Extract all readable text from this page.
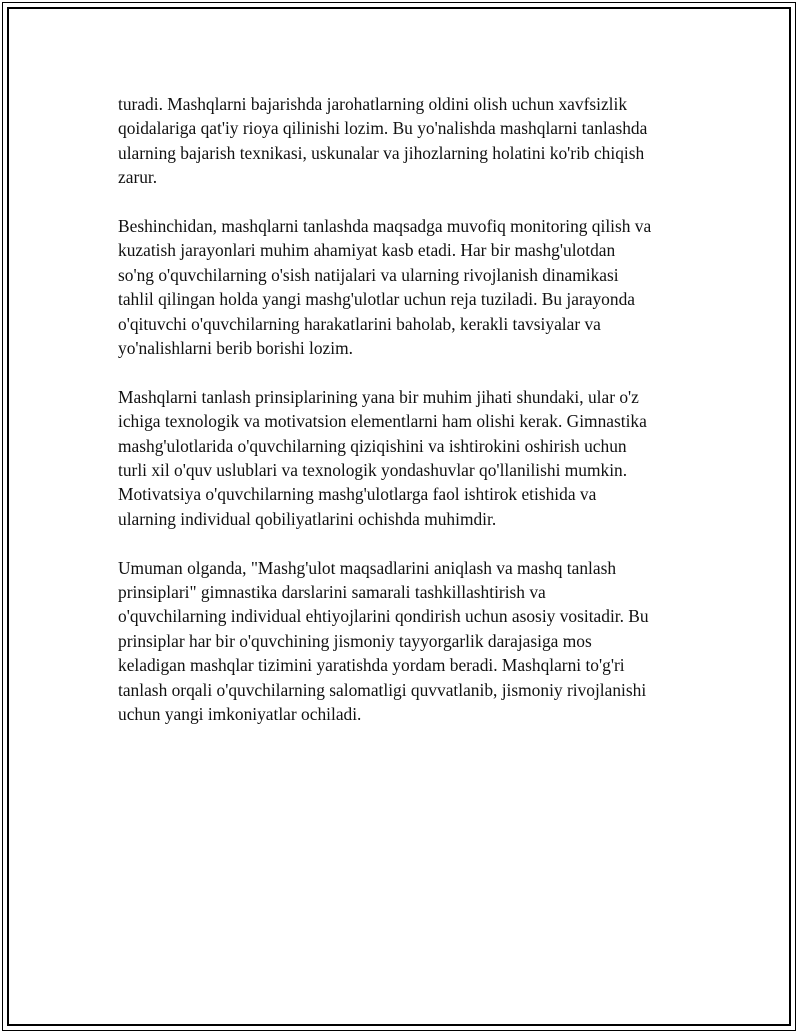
turadi. Mashqlarni bajarishda jarohatlarning oldini olish uchun xavfsizlik
qoidalariga qat'iy rioya qilinishi lozim. Bu yo'nalishda mashqlarni tanlashda
ularning bajarish texnikasi, uskunalar va jihozlarning holatini ko'rib chiqish
zarur.

Beshinchidan, mashqlarni tanlashda maqsadga muvofiq monitoring qilish va
kuzatish jarayonlari muhim ahamiyat kasb etadi. Har bir mashg'ulotdan
so'ng o'quvchilarning o'sish natijalari va ularning rivojlanish dinamikasi
tahlil qilingan holda yangi mashg'ulotlar uchun reja tuziladi. Bu jarayonda
o'qituvchi o'quvchilarning harakatlarini baholab, kerakli tavsiyalar va
yo'nalishlarni berib borishi lozim.

Mashqlarni tanlash prinsiplarining yana bir muhim jihati shundaki, ular o'z
ichiga texnologik va motivatsion elementlarni ham olishi kerak. Gimnastika
mashg'ulotlarida o'quvchilarning qiziqishini va ishtirokini oshirish uchun
turli xil o'quv uslublari va texnologik yondashuvlar qo'llanilishi mumkin.
Motivatsiya o'quvchilarning mashg'ulotlarga faol ishtirok etishida va
ularning individual qobiliyatlarini ochishda muhimdir.

Umuman olganda, "Mashg'ulot maqsadlarini aniqlash va mashq tanlash
prinsiplari" gimnastika darslarini samarali tashkillashtirish va
o'quvchilarning individual ehtiyojlarini qondirish uchun asosiy vositadir. Bu
prinsiplar har bir o'quvchining jismoniy tayyorgarlik darajasiga mos
keladigan mashqlar tizimini yaratishda yordam beradi. Mashqlarni to'g'ri
tanlash orqali o'quvchilarning salomatligi quvvatlanib, jismoniy rivojlanishi
uchun yangi imkoniyatlar ochiladi.
